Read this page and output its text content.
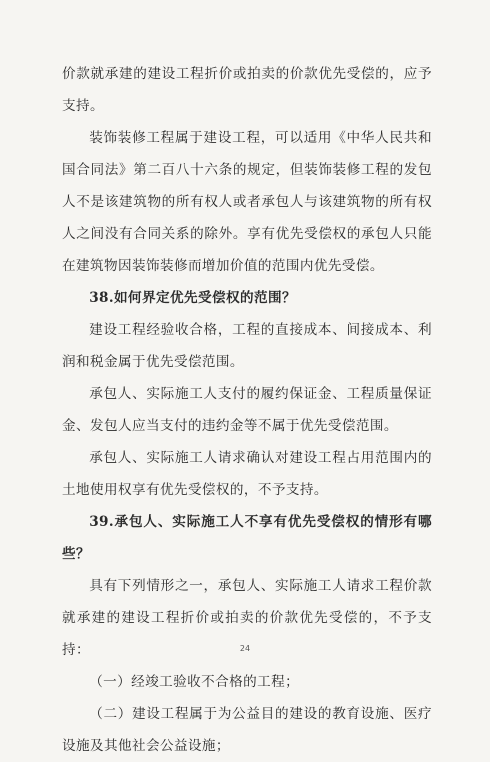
价款就承建的建设工程折价或拍卖的价款优先受偿的，应予支持。

装饰装修工程属于建设工程，可以适用《中华人民共和国合同法》第二百八十六条的规定，但装饰装修工程的发包人不是该建筑物的所有权人或者承包人与该建筑物的所有权人之间没有合同关系的除外。享有优先受偿权的承包人只能在建筑物因装饰装修而增加价值的范围内优先受偿。

38.如何界定优先受偿权的范围？

建设工程经验收合格，工程的直接成本、间接成本、利润和税金属于优先受偿范围。

承包人、实际施工人支付的履约保证金、工程质量保证金、发包人应当支付的违约金等不属于优先受偿范围。

承包人、实际施工人请求确认对建设工程占用范围内的土地使用权享有优先受偿权的，不予支持。

39.承包人、实际施工人不享有优先受偿权的情形有哪些？

具有下列情形之一，承包人、实际施工人请求工程价款就承建的建设工程折价或拍卖的价款优先受偿的，不予支持：

（一）经竣工验收不合格的工程；

（二）建设工程属于为公益目的建设的教育设施、医疗设施及其他社会公益设施；

24
